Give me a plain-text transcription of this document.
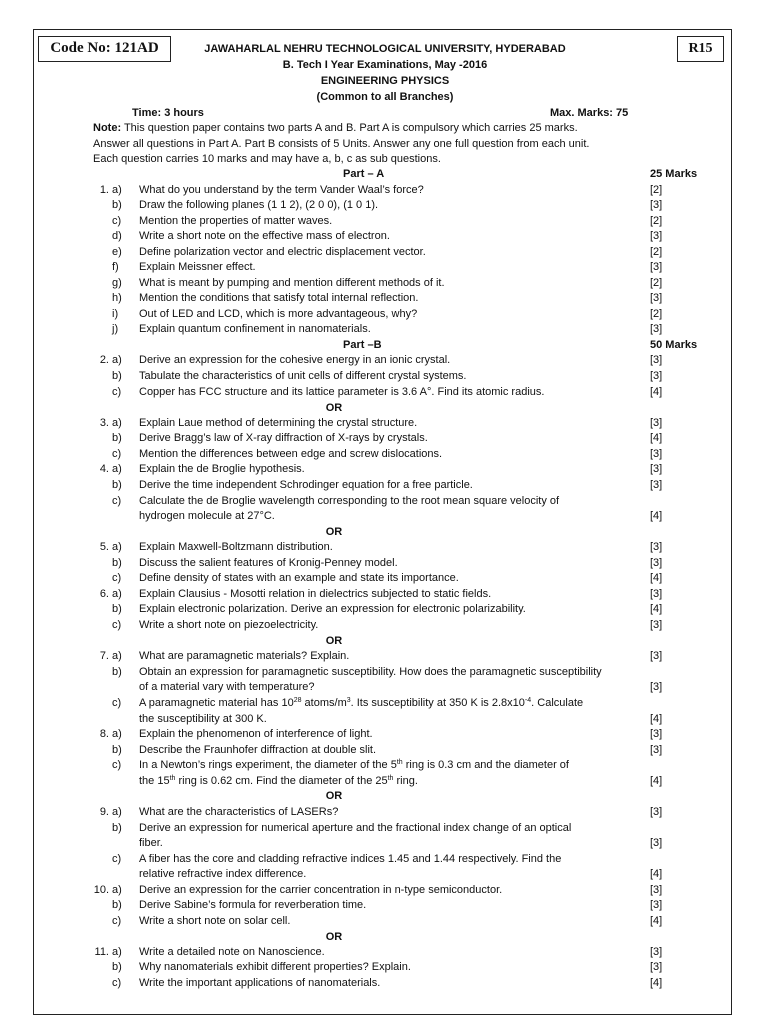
Code No: 121AD	R15
JAWAHARLAL NEHRU TECHNOLOGICAL UNIVERSITY, HYDERABAD
B. Tech I Year Examinations, May -2016
ENGINEERING PHYSICS
(Common to all Branches)
Time: 3 hours	Max. Marks: 75
Note: This question paper contains two parts A and B. Part A is compulsory which carries 25 marks.
Answer all questions in Part A. Part B consists of 5 Units. Answer any one full question from each unit.
Each question carries 10 marks and may have a, b, c as sub questions.
Part – A	25 Marks
Part –B	50 Marks
OR
OR
OR
OR
OR
1. a)	What do you understand by the term Vander Waal’s force?	[2]
b)	Draw the following planes (1 1 2), (2 0 0), (1 0 1).	[3]
c)	Mention the properties of matter waves.	[2]
d)	Write a short note on the effective mass of electron.	[3]
e)	Define polarization vector and electric displacement vector.	[2]
f)	Explain Meissner effect.	[3]
g)	What is meant by pumping and mention different methods of it.	[2]
h)	Mention the conditions that satisfy total internal reflection.	[3]
i)	Out of LED and LCD, which is more advantageous, why?	[2]
j)	Explain quantum confinement in nanomaterials.	[3]
2. a)	Derive an expression for the cohesive energy in an ionic crystal.	[3]
b)	Tabulate the characteristics of unit cells of different crystal systems.	[3]
c)	Copper has FCC structure and its lattice parameter is 3.6 A°. Find its atomic radius.	[4]
3. a)	Explain Laue method of determining the crystal structure.	[3]
b)	Derive Bragg’s law of X-ray diffraction of X-rays by crystals.	[4]
c)	Mention the differences between edge and screw dislocations.	[3]
4. a)	Explain the de Broglie hypothesis.	[3]
b)	Derive the time independent Schrodinger equation for a free particle.	[3]
c)	Calculate the de Broglie wavelength corresponding to the root mean square velocity of
hydrogen molecule at 27°C.	[4]
5. a)	Explain Maxwell-Boltzmann distribution.	[3]
b)	Discuss the salient features of Kronig-Penney model.	[3]
c)	Define density of states with an example and state its importance.	[4]
6. a)	Explain Clausius - Mosotti relation in dielectrics subjected to static fields.	[3]
b)	Explain electronic polarization. Derive an expression for electronic polarizability.	[4]
c)	Write a short note on piezoelectricity.	[3]
7. a)	What are paramagnetic materials? Explain.	[3]
b)	Obtain an expression for paramagnetic susceptibility. How does the paramagnetic susceptibility
of a material vary with temperature?	[3]
c)	A paramagnetic material has $10^{28}$ atoms/$m^3$. Its susceptibility at 350 K is $2.8x10^{-4}$. Calculate
the susceptibility at 300 K.	[4]
8. a)	Explain the phenomenon of interference of light.	[3]
b)	Describe the Fraunhofer diffraction at double slit.	[3]
c)	In a Newton’s rings experiment, the diameter of the 5th ring is 0.3 cm and the diameter of
the 15th ring is 0.62 cm. Find the diameter of the 25th ring.	[4]
9. a)	What are the characteristics of LASERs?	[3]
b)	Derive an expression for numerical aperture and the fractional index change of an optical
fiber.	[3]
c)	A fiber has the core and cladding refractive indices 1.45 and 1.44 respectively. Find the
relative refractive index difference.	[4]
10. a)	Derive an expression for the carrier concentration in n-type semiconductor.	[3]
b)	Derive Sabine’s formula for reverberation time.	[3]
c)	Write a short note on solar cell.	[4]
11. a)	Write a detailed note on Nanoscience.	[3]
b)	Why nanomaterials exhibit different properties? Explain.	[3]
c)	Write the important applications of nanomaterials.	[4]
